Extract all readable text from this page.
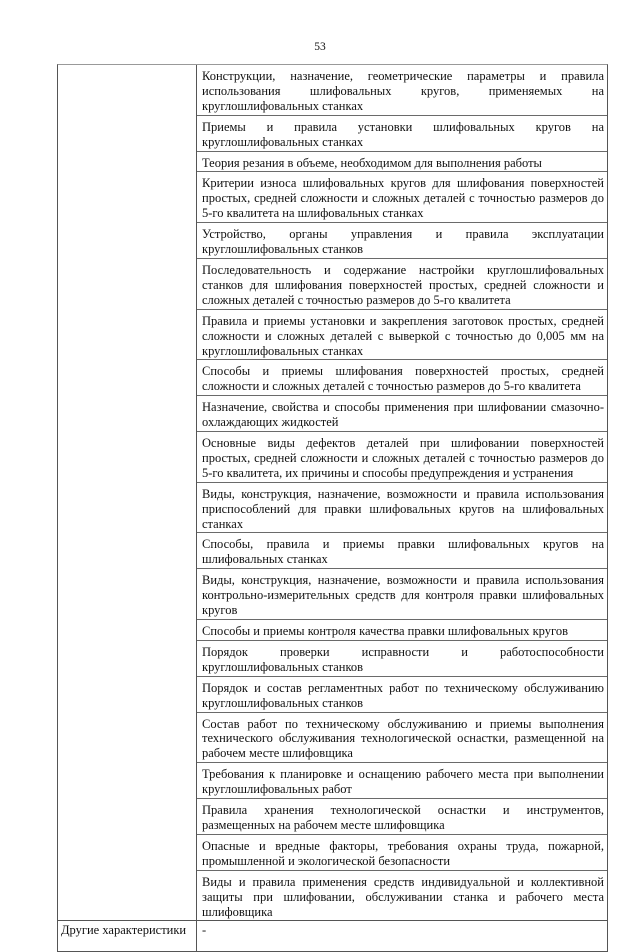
53
Конструкции, назначение, геометрические параметры и правила использования шлифовальных кругов, применяемых на круглошлифовальных станках
Приемы и правила установки шлифовальных кругов на круглошлифовальных станках
Теория резания в объеме, необходимом для выполнения работы
Критерии износа шлифовальных кругов для шлифования поверхностей простых, средней сложности и сложных деталей с точностью размеров до 5-го квалитета на шлифовальных станках
Устройство, органы управления и правила эксплуатации круглошлифовальных станков
Последовательность и содержание настройки круглошлифовальных станков для шлифования поверхностей простых, средней сложности и сложных деталей с точностью размеров до 5-го квалитета
Правила и приемы установки и закрепления заготовок простых, средней сложности и сложных деталей с выверкой с точностью до 0,005 мм на круглошлифовальных станках
Способы и приемы шлифования поверхностей простых, средней сложности и сложных деталей с точностью размеров до 5-го квалитета
Назначение, свойства и способы применения при шлифовании смазочно-охлаждающих жидкостей
Основные виды дефектов деталей при шлифовании поверхностей простых, средней сложности и сложных деталей с точностью размеров до 5-го квалитета, их причины и способы предупреждения и устранения
Виды, конструкция, назначение, возможности и правила использования приспособлений для правки шлифовальных кругов на шлифовальных станках
Способы, правила и приемы правки шлифовальных кругов на шлифовальных станках
Виды, конструкция, назначение, возможности и правила использования контрольно-измерительных средств для контроля правки шлифовальных кругов
Способы и приемы контроля качества правки шлифовальных кругов
Порядок проверки исправности и работоспособности круглошлифовальных станков
Порядок и состав регламентных работ по техническому обслуживанию круглошлифовальных станков
Состав работ по техническому обслуживанию и приемы выполнения технического обслуживания технологической оснастки, размещенной на рабочем месте шлифовщика
Требования к планировке и оснащению рабочего места при выполнении круглошлифовальных работ
Правила хранения технологической оснастки и инструментов, размещенных на рабочем месте шлифовщика
Опасные и вредные факторы, требования охраны труда, пожарной, промышленной и экологической безопасности
Виды и правила применения средств индивидуальной и коллективной защиты при шлифовании, обслуживании станка и рабочего места шлифовщика
Другие характеристики	-
